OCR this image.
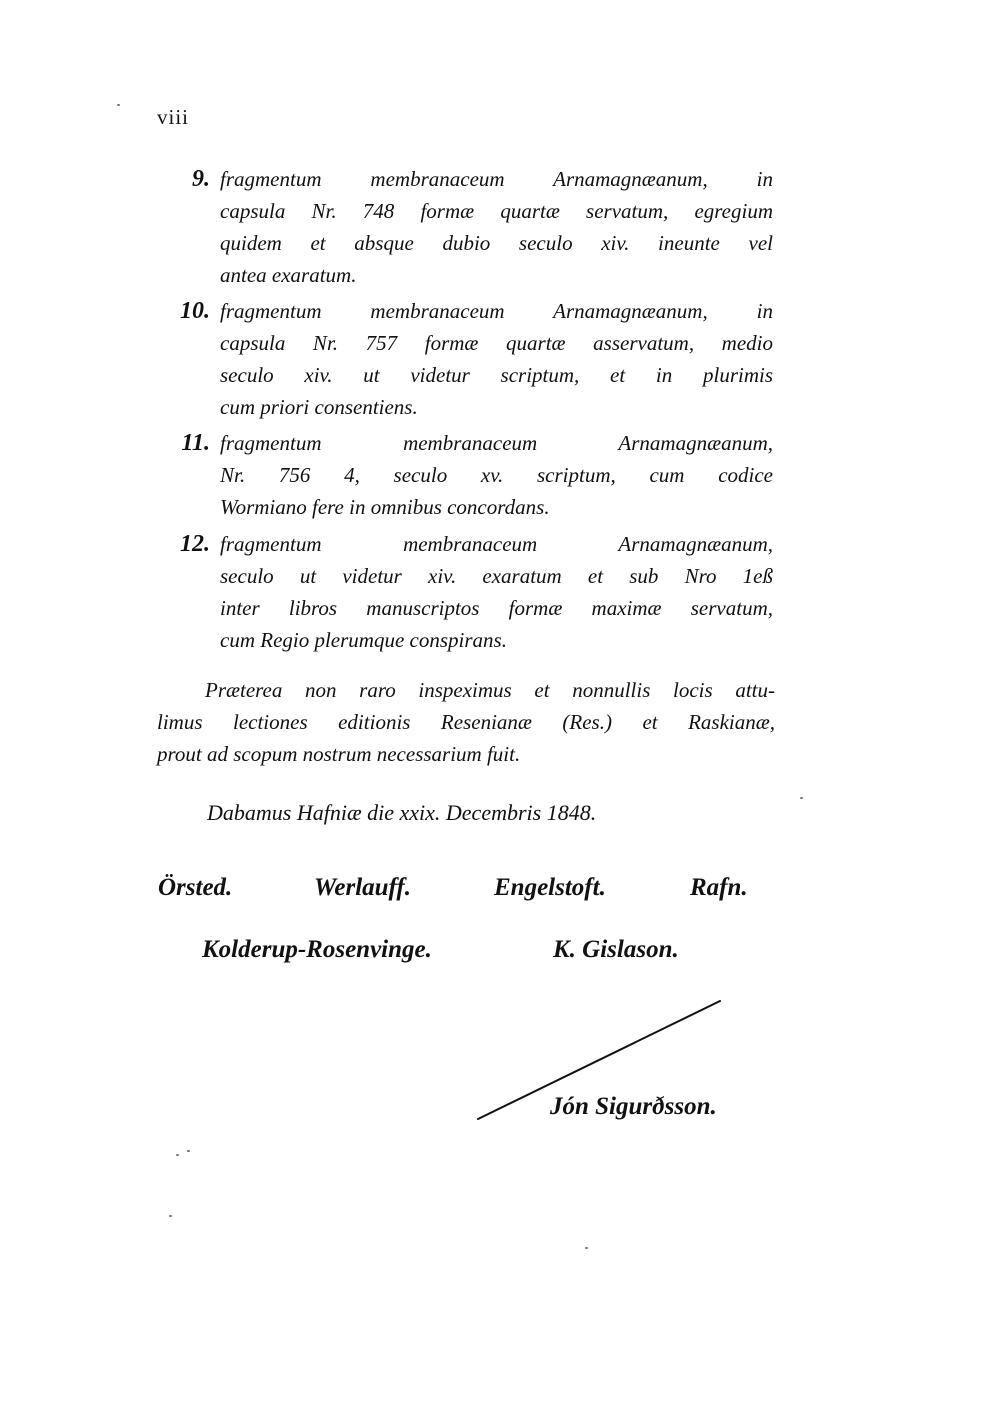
viii
9. fragmentum membranaceum Arnamagnæanum, in
capsula Nr. 748 formæ quartæ servatum, egregium
quidem et absque dubio seculo xiv. ineunte vel
antea exaratum.
10. fragmentum membranaceum Arnamagnæanum, in
capsula Nr. 757 formæ quartæ asservatum, medio
seculo xiv. ut videtur scriptum, et in plurimis
cum priori consentiens.
11. fragmentum membranaceum Arnamagnæanum,
Nr. 756 4, seculo xv. scriptum, cum codice
Wormiano fere in omnibus concordans.
12. fragmentum membranaceum Arnamagnæanum,
seculo ut videtur xiv. exaratum et sub Nro 1eß
inter libros manuscriptos formæ maximæ servatum,
cum Regio plerumque conspirans.
Præterea non raro inspeximus et nonnullis locis attu-
limus lectiones editionis Resenianæ (Res.) et Raskianæ,
prout ad scopum nostrum necessarium fuit.
Dabamus Hafniæ die xxix. Decembris 1848.
Örsted.	Werlauff.	Engelstoft.	Rafn.
Kolderup-Rosenvinge.	K. Gislason.
Jón Sigurðsson.
